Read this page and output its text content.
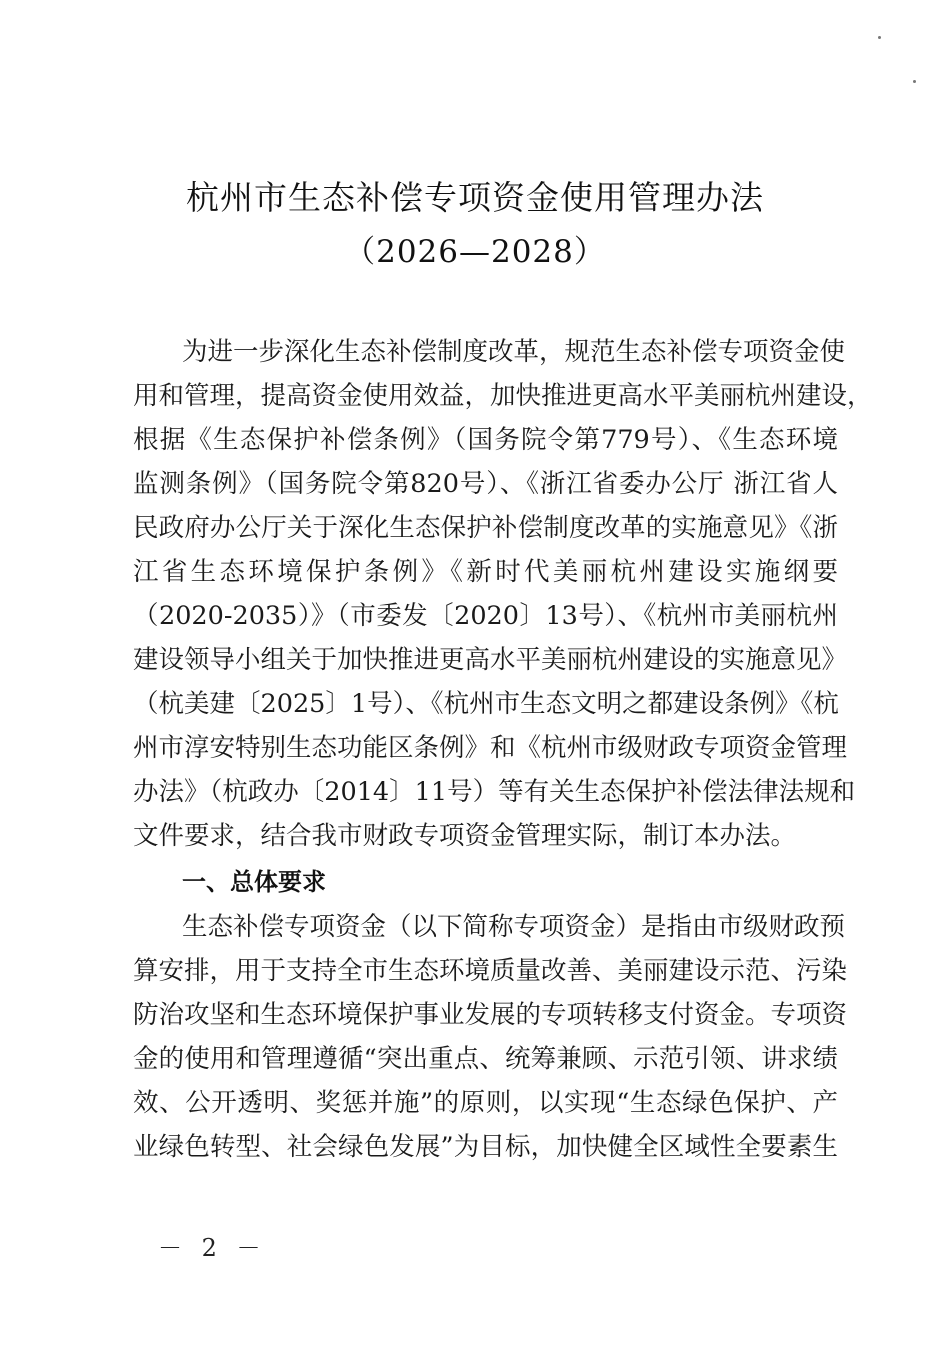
杭州市生态补偿专项资金使用管理办法
（2026—2028）
为进一步深化生态补偿制度改革，规范生态补偿专项资金使
用和管理，提高资金使用效益，加快推进更高水平美丽杭州建设，
根据《生态保护补偿条例》（国务院令第779号）、《生态环境
监测条例》（国务院令第820号）、《浙江省委办公厅 浙江省人
民政府办公厅关于深化生态保护补偿制度改革的实施意见》《浙
江省生态环境保护条例》《新时代美丽杭州建设实施纲要
（2020-2035）》（市委发〔2020〕13号）、《杭州市美丽杭州
建设领导小组关于加快推进更高水平美丽杭州建设的实施意见》
（杭美建〔2025〕1号）、《杭州市生态文明之都建设条例》《杭
州市淳安特别生态功能区条例》和《杭州市级财政专项资金管理
办法》（杭政办〔2014〕11号）等有关生态保护补偿法律法规和
文件要求，结合我市财政专项资金管理实际，制订本办法。
一、总体要求
生态补偿专项资金（以下简称专项资金）是指由市级财政预
算安排，用于支持全市生态环境质量改善、美丽建设示范、污染
防治攻坚和生态环境保护事业发展的专项转移支付资金。专项资
金的使用和管理遵循“突出重点、统筹兼顾、示范引领、讲求绩
效、公开透明、奖惩并施”的原则，以实现“生态绿色保护、产
业绿色转型、社会绿色发展”为目标，加快健全区域性全要素生
－ 2 －
